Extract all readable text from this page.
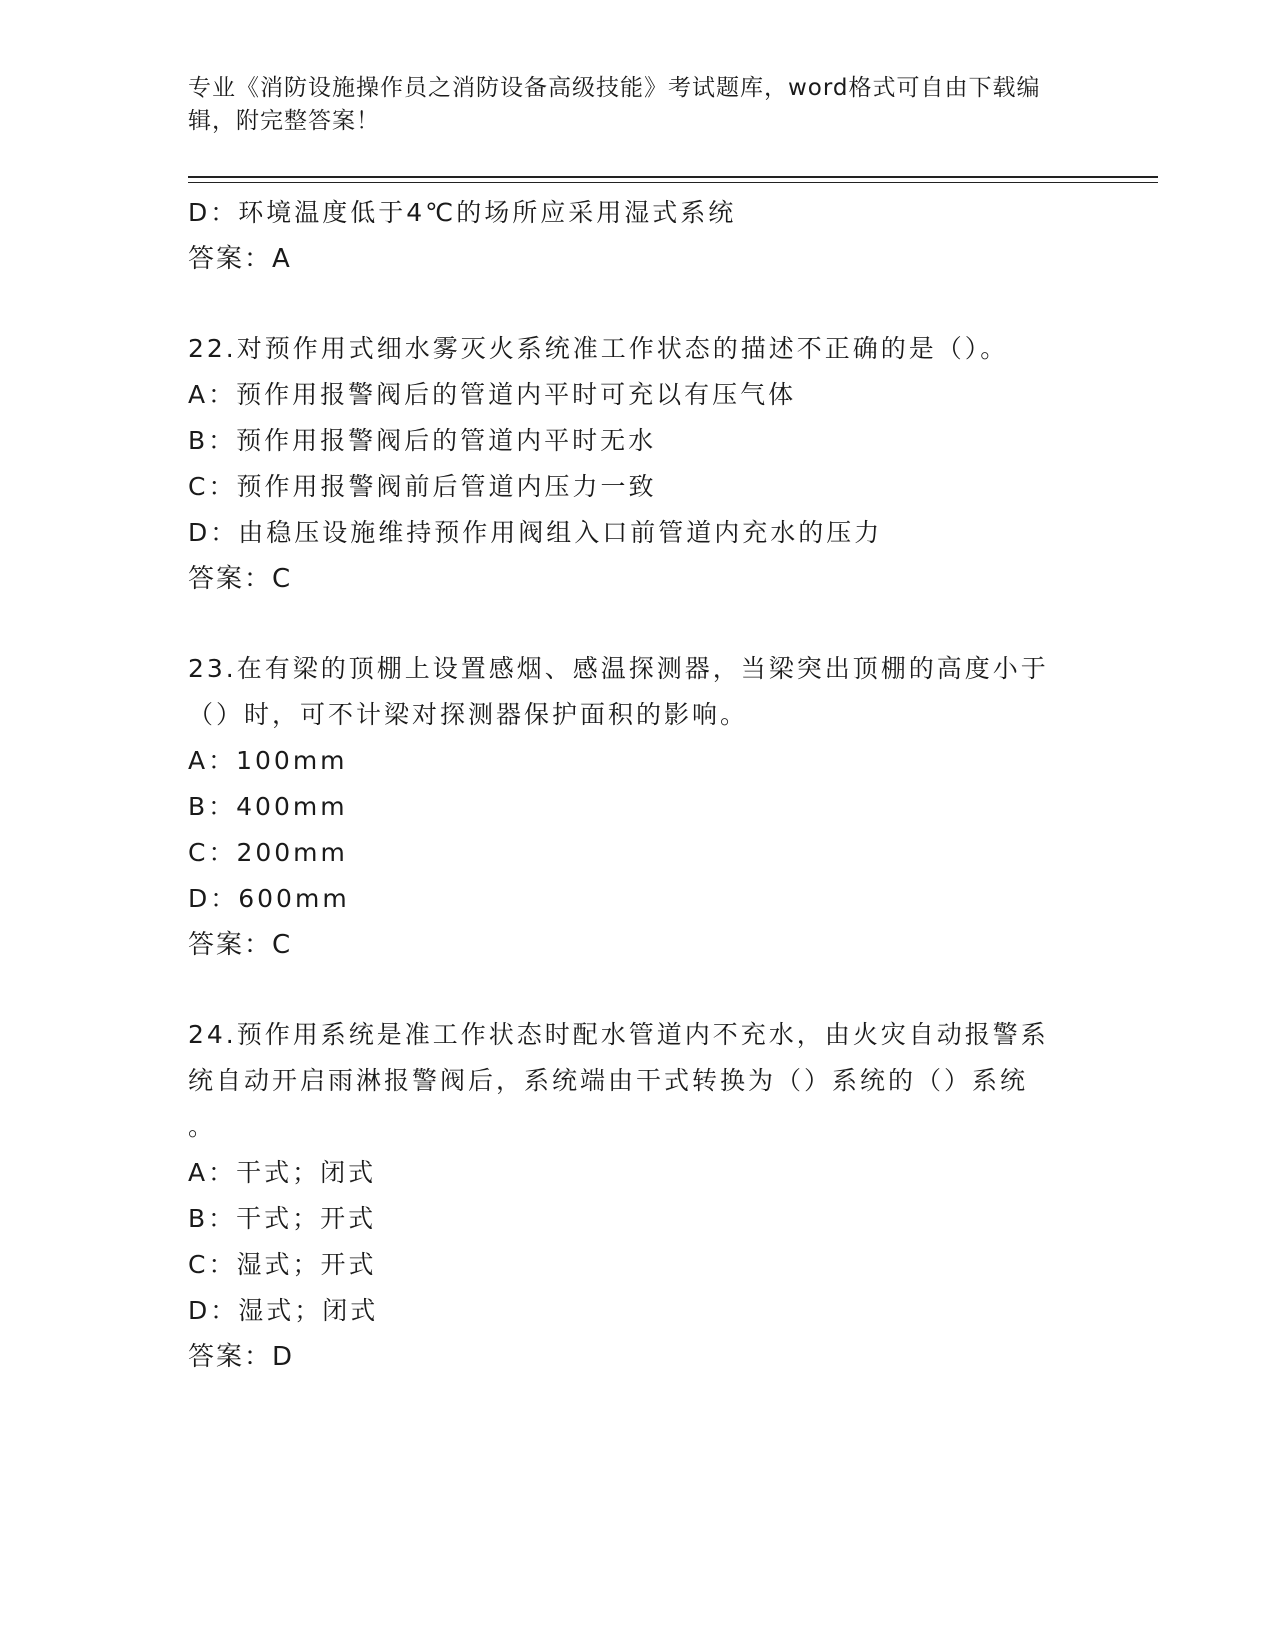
专业《消防设施操作员之消防设备高级技能》考试题库，word格式可自由下载编
辑，附完整答案！
D：环境温度低于4℃的场所应采用湿式系统
答案：A
22.对预作用式细水雾灭火系统准工作状态的描述不正确的是（）。
A：预作用报警阀后的管道内平时可充以有压气体
B：预作用报警阀后的管道内平时无水
C：预作用报警阀前后管道内压力一致
D：由稳压设施维持预作用阀组入口前管道内充水的压力
答案：C
23.在有梁的顶棚上设置感烟、感温探测器，当梁突出顶棚的高度小于
（）时，可不计梁对探测器保护面积的影响。
A：100mm
B：400mm
C：200mm
D：600mm
答案：C
24.预作用系统是准工作状态时配水管道内不充水，由火灾自动报警系
统自动开启雨淋报警阀后，系统端由干式转换为（）系统的（）系统
。
A：干式；闭式
B：干式；开式
C：湿式；开式
D：湿式；闭式
答案：D
